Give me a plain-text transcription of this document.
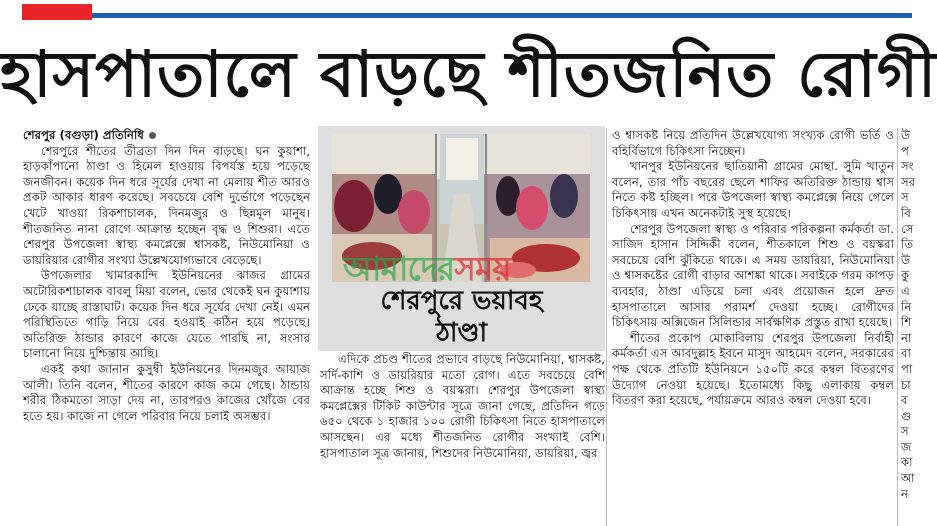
হাসপাতালে বাড়ছে শীতজনিত রোগী

শেরপুর (বগুড়া) প্রতিনিধি

শেরপুরে শীতের তীব্রতা দিন দিন বাড়ছে। ঘন কুয়াশা, হাড়কাঁপানো ঠাণ্ডা ও হিমেল হাওয়ায় বিপর্যস্ত হয়ে পড়েছে জনজীবন। কয়েক দিন ধরে সূর্যের দেখা না মেলায় শীত আরও প্রকট আকার ধারণ করেছে। সবচেয়ে বেশি দুর্ভোগে পড়েছেন খেটে খাওয়া রিকশাচালক, দিনমজুর ও ছিন্নমূল মানুষ। শীতজনিত নানা রোগে আক্রান্ত হচ্ছেন বৃদ্ধ ও শিশুরা। এতে শেরপুর উপজেলা স্বাস্থ্য কমপ্লেক্সে শ্বাসকষ্ট, নিউমোনিয়া ও ডায়রিয়ার রোগীর সংখ্যা উল্লেখযোগ্যভাবে বেড়েছে।

উপজেলার খামারকান্দি ইউনিয়নের ঝাজর গ্রামের অটোরিকশাচালক বাবলু মিয়া বলেন, ভোর থেকেই ঘন কুয়াশায় ঢেকে যাচ্ছে রাস্তাঘাট। কয়েক দিন ধরে সূর্যের দেখা নেই। এমন পরিস্থিতিতে গাড়ি নিয়ে বের হওয়াই কঠিন হয়ে পড়েছে। অতিরিক্ত ঠান্ডার কারণে কাজে যেতে পারছি না, সংসার চালানো নিয়ে দুশ্চিন্তায় আছি।

একই কথা জানান কুসুম্বী ইউনিয়নের দিনমজুর আয়াজ আলী। তিনি বলেন, শীতের কারণে কাজ কমে গেছে। ঠান্ডায় শরীর ঠিকমতো সাড়া দেয় না, তারপরও কাজের খোঁজে বের হতে হয়। কাজে না গেলে পরিবার নিয়ে চলাই অসম্ভব।

শেরপুরে ভয়াবহ
ঠাণ্ডা
আমাদেরসময়

এদিকে প্রচণ্ড শীতের প্রভাবে বাড়ছে নিউমোনিয়া, শ্বাসকষ্ট, সর্দি-কাশি ও ডায়রিয়ার মতো রোগ। এতে সবচেয়ে বেশি আক্রান্ত হচ্ছে শিশু ও বয়স্করা। শেরপুর উপজেলা স্বাস্থ্য কমপ্লেক্সের টিকিট কাউন্টার সূত্রে জানা গেছে, প্রতিদিন গড়ে ৬৫০ থেকে ১ হাজার ১০০ রোগী চিকিৎসা নিতে হাসপাতালে আসছেন। এর মধ্যে শীতজনিত রোগীর সংখ্যাই বেশি। হাসপাতাল সূত্র জানায়, শিশুদের নিউমোনিয়া, ডায়রিয়া, জ্বর

ও শ্বাসকষ্ট নিয়ে প্রতিদিন উল্লেখযোগ্য সংখ্যক রোগী ভর্তি ও বহির্বিভাগে চিকিৎসা নিচ্ছেন।

খানপুর ইউনিয়নের ছাতিয়ানী গ্রামের মোছা. সুমি খাতুন বলেন, তার পাঁচ বছরের ছেলে শাফির অতিরিক্ত ঠান্ডায় শ্বাস নিতে কষ্ট হচ্ছিল। পরে উপজেলা স্বাস্থ্য কমপ্লেক্সে নিয়ে গেলে চিকিৎসায় এখন অনেকটাই সুস্থ হয়েছে।

শেরপুর উপজেলা স্বাস্থ্য ও পরিবার পরিকল্পনা কর্মকর্তা ডা. সাজিদ হাসান সিদ্দিকী বলেন, শীতকালে শিশু ও বয়স্করা সবচেয়ে বেশি ঝুঁকিতে থাকে। এ সময় ডায়রিয়া, নিউমোনিয়া ও শ্বাসকষ্টের রোগী বাড়ার আশঙ্কা থাকে। সবাইকে গরম কাপড় ব্যবহার, ঠাণ্ডা এড়িয়ে চলা এবং প্রয়োজন হলে দ্রুত হাসপাতালে আসার পরামর্শ দেওয়া হচ্ছে। রোগীদের চিকিৎসায় অক্সিজেন সিলিন্ডার সার্বক্ষণিক প্রস্তুত রাখা হয়েছে।

শীতের প্রকোপ মোকাবিলায় শেরপুর উপজেলা নির্বাহী কর্মকর্তা এস আবদুল্লাহ ইবনে মাসুদ আহমেদ বলেন, সরকারের পক্ষ থেকে প্রতিটি ইউনিয়নে ১৫০টি করে কম্বল বিতরণের উদ্যোগ নেওয়া হয়েছে। ইতোমধ্যে কিছু এলাকায় কম্বল বিতরণ করা হয়েছে, পর্যায়ক্রমে আরও কম্বল দেওয়া হবে।

উ
প
সং
সর
স
বি
সে
তি
উ
কু
এ
নি
শি
না
বা
পা
চা
ব
গু
স
জ
কা
আ
ন
